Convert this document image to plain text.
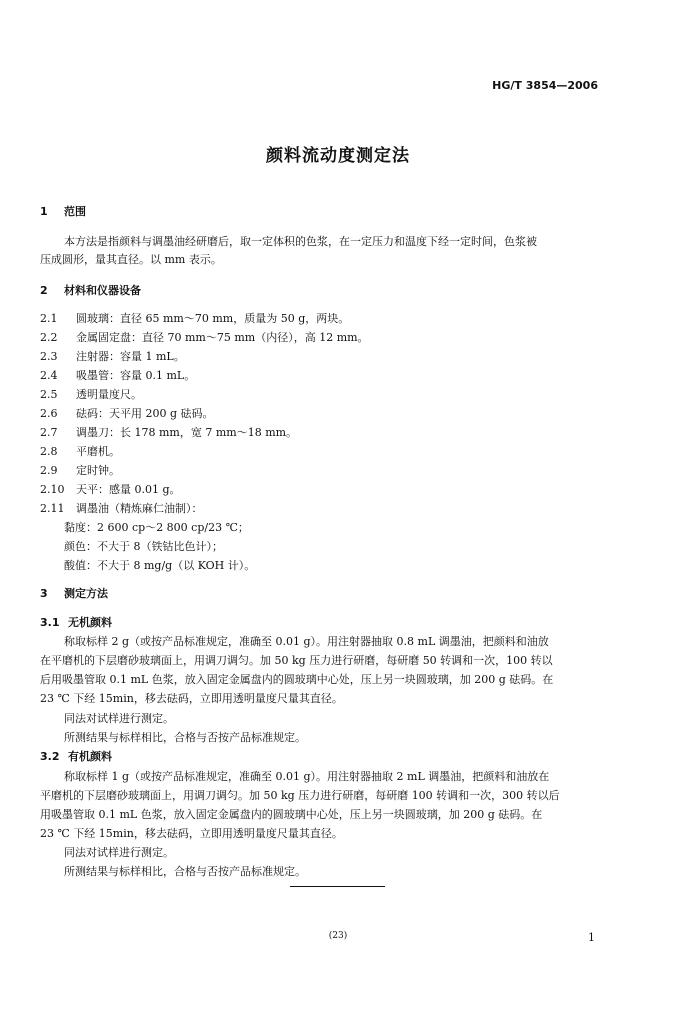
HG/T 3854—2006
颜料流动度测定法
1 范围
本方法是指颜料与调墨油经研磨后，取一定体积的色浆，在一定压力和温度下经一定时间，色浆被
压成圆形，量其直径。以 mm 表示。
2 材料和仪器设备
2.1 圆玻璃：直径 65 mm～70 mm，质量为 50 g，两块。
2.2 金属固定盘：直径 70 mm～75 mm（内径），高 12 mm。
2.3 注射器：容量 1 mL。
2.4 吸墨管：容量 0.1 mL。
2.5 透明量度尺。
2.6 砝码：天平用 200 g 砝码。
2.7 调墨刀：长 178 mm，宽 7 mm～18 mm。
2.8 平磨机。
2.9 定时钟。
2.10 天平：感量 0.01 g。
2.11 调墨油（精炼麻仁油制）：
黏度：2 600 cp～2 800 cp/23 ℃；
颜色：不大于 8（铁钴比色计）；
酸值：不大于 8 mg/g（以 KOH 计）。
3 测定方法
3.1 无机颜料
称取标样 2 g（或按产品标准规定，准确至 0.01 g）。用注射器抽取 0.8 mL 调墨油，把颜料和油放
在平磨机的下层磨砂玻璃面上，用调刀调匀。加 50 kg 压力进行研磨，每研磨 50 转调和一次，100 转以
后用吸墨管取 0.1 mL 色浆，放入固定金属盘内的圆玻璃中心处，压上另一块圆玻璃，加 200 g 砝码。在
23 ℃ 下经 15min，移去砝码，立即用透明量度尺量其直径。
同法对试样进行测定。
所测结果与标样相比，合格与否按产品标准规定。
3.2 有机颜料
称取标样 1 g（或按产品标准规定，准确至 0.01 g）。用注射器抽取 2 mL 调墨油，把颜料和油放在
平磨机的下层磨砂玻璃面上，用调刀调匀。加 50 kg 压力进行研磨，每研磨 100 转调和一次，300 转以后
用吸墨管取 0.1 mL 色浆，放入固定金属盘内的圆玻璃中心处，压上另一块圆玻璃，加 200 g 砝码。在
23 ℃ 下经 15min，移去砝码，立即用透明量度尺量其直径。
同法对试样进行测定。
所测结果与标样相比，合格与否按产品标准规定。
(23)	1
